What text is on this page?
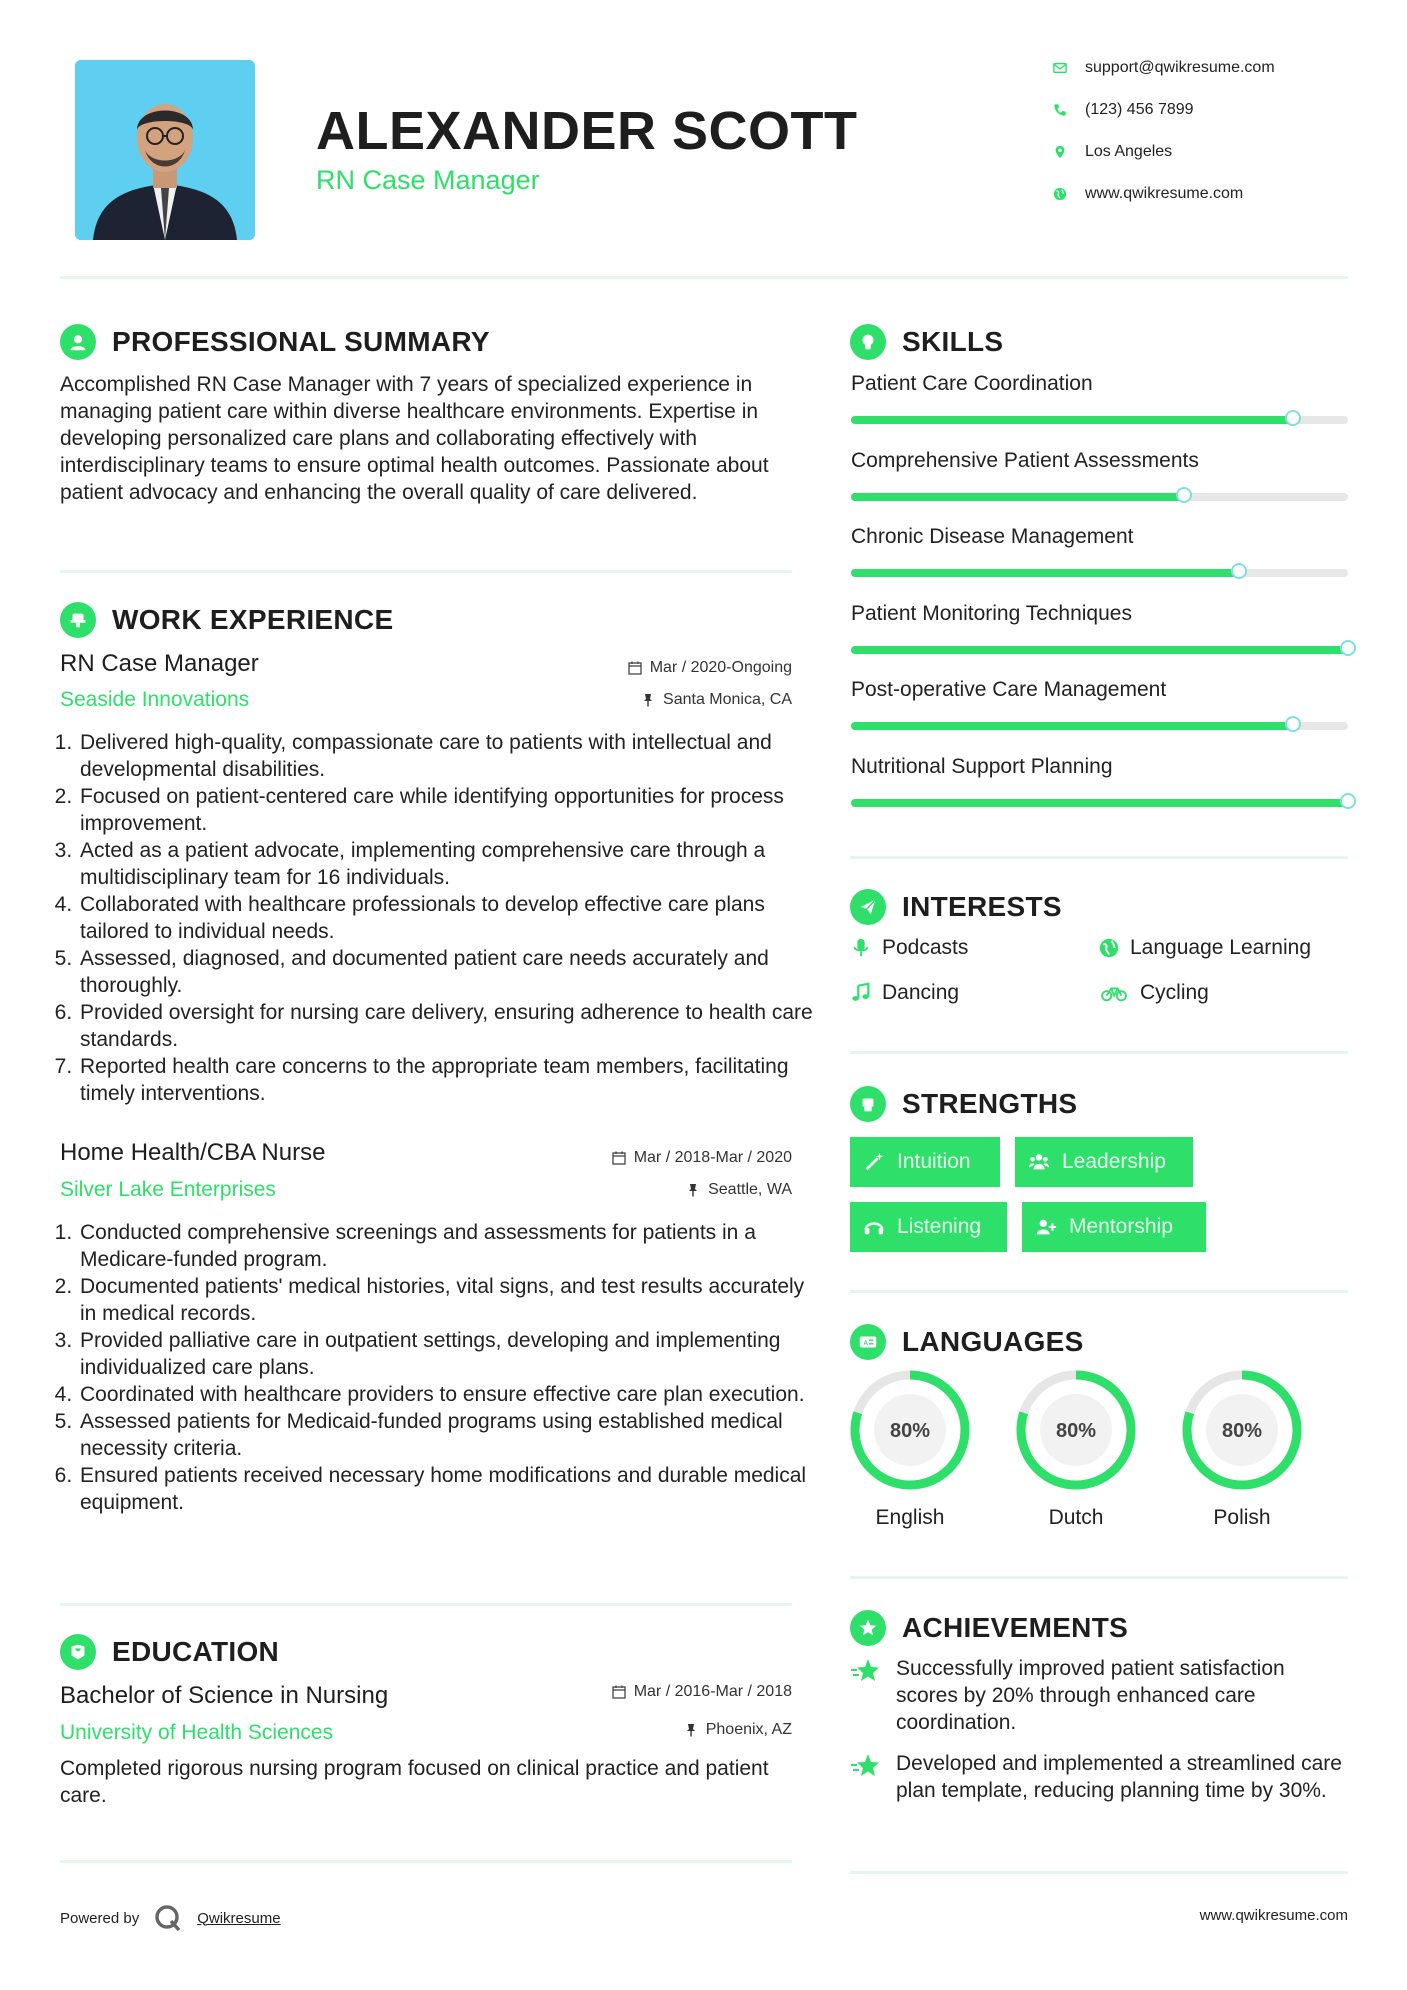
ALEXANDER SCOTT
RN Case Manager
support@qwikresume.com
(123) 456 7899
Los Angeles
www.qwikresume.com
PROFESSIONAL SUMMARY
Accomplished RN Case Manager with 7 years of specialized experience in managing patient care within diverse healthcare environments. Expertise in developing personalized care plans and collaborating effectively with interdisciplinary teams to ensure optimal health outcomes. Passionate about patient advocacy and enhancing the overall quality of care delivered.
WORK EXPERIENCE
RN Case Manager	Mar / 2020-Ongoing
Seaside Innovations	Santa Monica, CA
1. Delivered high-quality, compassionate care to patients with intellectual and developmental disabilities.
2. Focused on patient-centered care while identifying opportunities for process improvement.
3. Acted as a patient advocate, implementing comprehensive care through a multidisciplinary team for 16 individuals.
4. Collaborated with healthcare professionals to develop effective care plans tailored to individual needs.
5. Assessed, diagnosed, and documented patient care needs accurately and thoroughly.
6. Provided oversight for nursing care delivery, ensuring adherence to health care standards.
7. Reported health care concerns to the appropriate team members, facilitating timely interventions.
Home Health/CBA Nurse	Mar / 2018-Mar / 2020
Silver Lake Enterprises	Seattle, WA
1. Conducted comprehensive screenings and assessments for patients in a Medicare-funded program.
2. Documented patients' medical histories, vital signs, and test results accurately in medical records.
3. Provided palliative care in outpatient settings, developing and implementing individualized care plans.
4. Coordinated with healthcare providers to ensure effective care plan execution.
5. Assessed patients for Medicaid-funded programs using established medical necessity criteria.
6. Ensured patients received necessary home modifications and durable medical equipment.
EDUCATION
Bachelor of Science in Nursing	Mar / 2016-Mar / 2018
University of Health Sciences	Phoenix, AZ
Completed rigorous nursing program focused on clinical practice and patient care.
SKILLS
Patient Care Coordination
Comprehensive Patient Assessments
Chronic Disease Management
Patient Monitoring Techniques
Post-operative Care Management
Nutritional Support Planning
INTERESTS
Podcasts	Language Learning
Dancing	Cycling
STRENGTHS
Intuition	Leadership
Listening	Mentorship
A LANGUAGES
80%
English
80%
Dutch
80%
Polish
ACHIEVEMENTS
Successfully improved patient satisfaction scores by 20% through enhanced care coordination.
Developed and implemented a streamlined care plan template, reducing planning time by 30%.
Powered by	Qwikresume	www.qwikresume.com
